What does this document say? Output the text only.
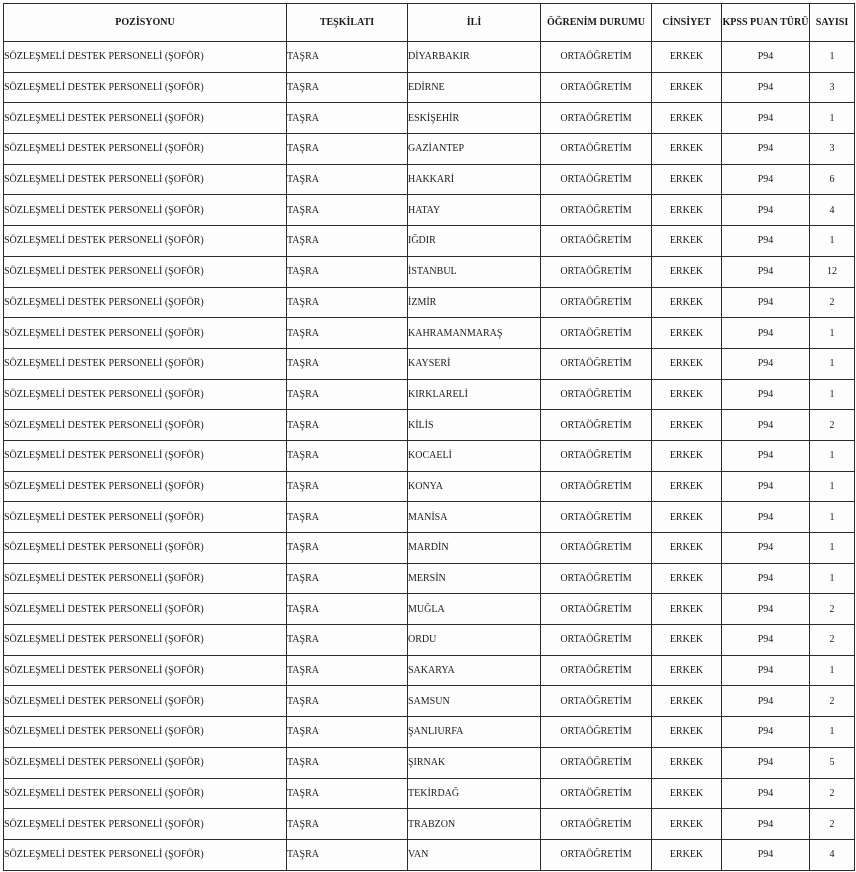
POZİSYONU	TEŞKİLATI	İLİ	ÖĞRENİM DURUMU	CİNSİYET	KPSS PUAN TÜRÜ	SAYISI
SÖZLEŞMELİ DESTEK PERSONELİ (ŞOFÖR)	TAŞRA	DİYARBAKIR	ORTAÖĞRETİM	ERKEK	P94	1
SÖZLEŞMELİ DESTEK PERSONELİ (ŞOFÖR)	TAŞRA	EDİRNE	ORTAÖĞRETİM	ERKEK	P94	3
SÖZLEŞMELİ DESTEK PERSONELİ (ŞOFÖR)	TAŞRA	ESKİŞEHİR	ORTAÖĞRETİM	ERKEK	P94	1
SÖZLEŞMELİ DESTEK PERSONELİ (ŞOFÖR)	TAŞRA	GAZİANTEP	ORTAÖĞRETİM	ERKEK	P94	3
SÖZLEŞMELİ DESTEK PERSONELİ (ŞOFÖR)	TAŞRA	HAKKARİ	ORTAÖĞRETİM	ERKEK	P94	6
SÖZLEŞMELİ DESTEK PERSONELİ (ŞOFÖR)	TAŞRA	HATAY	ORTAÖĞRETİM	ERKEK	P94	4
SÖZLEŞMELİ DESTEK PERSONELİ (ŞOFÖR)	TAŞRA	IĞDIR	ORTAÖĞRETİM	ERKEK	P94	1
SÖZLEŞMELİ DESTEK PERSONELİ (ŞOFÖR)	TAŞRA	İSTANBUL	ORTAÖĞRETİM	ERKEK	P94	12
SÖZLEŞMELİ DESTEK PERSONELİ (ŞOFÖR)	TAŞRA	İZMİR	ORTAÖĞRETİM	ERKEK	P94	2
SÖZLEŞMELİ DESTEK PERSONELİ (ŞOFÖR)	TAŞRA	KAHRAMANMARAŞ	ORTAÖĞRETİM	ERKEK	P94	1
SÖZLEŞMELİ DESTEK PERSONELİ (ŞOFÖR)	TAŞRA	KAYSERİ	ORTAÖĞRETİM	ERKEK	P94	1
SÖZLEŞMELİ DESTEK PERSONELİ (ŞOFÖR)	TAŞRA	KIRKLARELİ	ORTAÖĞRETİM	ERKEK	P94	1
SÖZLEŞMELİ DESTEK PERSONELİ (ŞOFÖR)	TAŞRA	KİLİS	ORTAÖĞRETİM	ERKEK	P94	2
SÖZLEŞMELİ DESTEK PERSONELİ (ŞOFÖR)	TAŞRA	KOCAELİ	ORTAÖĞRETİM	ERKEK	P94	1
SÖZLEŞMELİ DESTEK PERSONELİ (ŞOFÖR)	TAŞRA	KONYA	ORTAÖĞRETİM	ERKEK	P94	1
SÖZLEŞMELİ DESTEK PERSONELİ (ŞOFÖR)	TAŞRA	MANİSA	ORTAÖĞRETİM	ERKEK	P94	1
SÖZLEŞMELİ DESTEK PERSONELİ (ŞOFÖR)	TAŞRA	MARDİN	ORTAÖĞRETİM	ERKEK	P94	1
SÖZLEŞMELİ DESTEK PERSONELİ (ŞOFÖR)	TAŞRA	MERSİN	ORTAÖĞRETİM	ERKEK	P94	1
SÖZLEŞMELİ DESTEK PERSONELİ (ŞOFÖR)	TAŞRA	MUĞLA	ORTAÖĞRETİM	ERKEK	P94	2
SÖZLEŞMELİ DESTEK PERSONELİ (ŞOFÖR)	TAŞRA	ORDU	ORTAÖĞRETİM	ERKEK	P94	2
SÖZLEŞMELİ DESTEK PERSONELİ (ŞOFÖR)	TAŞRA	SAKARYA	ORTAÖĞRETİM	ERKEK	P94	1
SÖZLEŞMELİ DESTEK PERSONELİ (ŞOFÖR)	TAŞRA	SAMSUN	ORTAÖĞRETİM	ERKEK	P94	2
SÖZLEŞMELİ DESTEK PERSONELİ (ŞOFÖR)	TAŞRA	ŞANLIURFA	ORTAÖĞRETİM	ERKEK	P94	1
SÖZLEŞMELİ DESTEK PERSONELİ (ŞOFÖR)	TAŞRA	ŞIRNAK	ORTAÖĞRETİM	ERKEK	P94	5
SÖZLEŞMELİ DESTEK PERSONELİ (ŞOFÖR)	TAŞRA	TEKİRDAĞ	ORTAÖĞRETİM	ERKEK	P94	2
SÖZLEŞMELİ DESTEK PERSONELİ (ŞOFÖR)	TAŞRA	TRABZON	ORTAÖĞRETİM	ERKEK	P94	2
SÖZLEŞMELİ DESTEK PERSONELİ (ŞOFÖR)	TAŞRA	VAN	ORTAÖĞRETİM	ERKEK	P94	4
